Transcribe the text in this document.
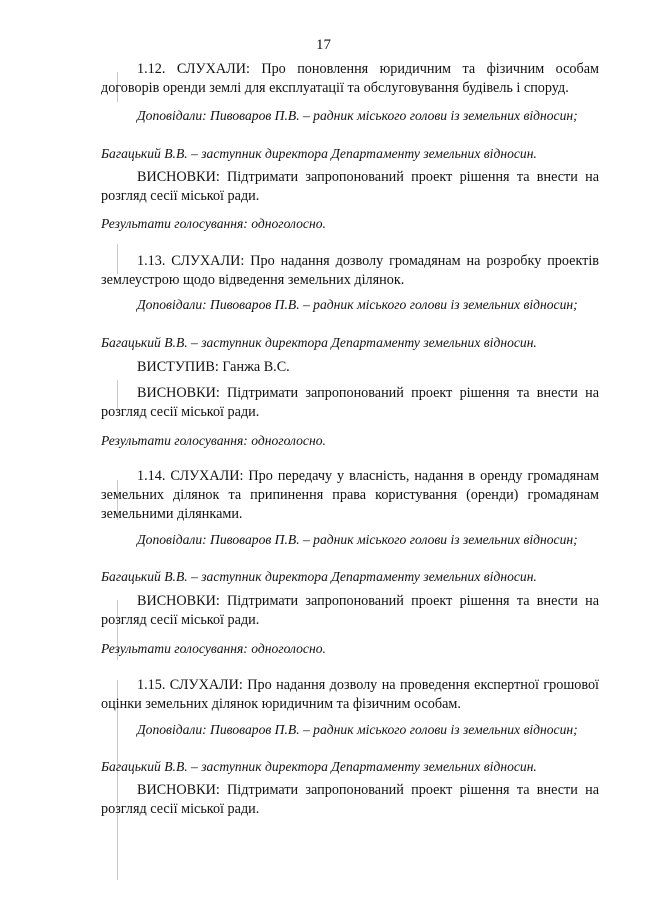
17
1.12. СЛУХАЛИ: Про поновлення юридичним та фізичним особам договорів оренди землі для експлуатації та обслуговування будівель і споруд.
Доповідали: Пивоваров П.В. – радник міського голови із земельних відносин;
Багацький В.В. – заступник директора Департаменту земельних відносин.
ВИСНОВКИ: Підтримати запропонований проект рішення та внести на розгляд сесії міської ради.
Результати голосування: одноголосно.
1.13. СЛУХАЛИ: Про надання дозволу громадянам на розробку проектів землеустрою щодо відведення земельних ділянок.
Доповідали: Пивоваров П.В. – радник міського голови із земельних відносин;
Багацький В.В. – заступник директора Департаменту земельних відносин.
ВИСТУПИВ: Ганжа В.С.
ВИСНОВКИ: Підтримати запропонований проект рішення та внести на розгляд сесії міської ради.
Результати голосування: одноголосно.
1.14. СЛУХАЛИ: Про передачу у власність, надання в оренду громадянам земельних ділянок та припинення права користування (оренди) громадянам земельними ділянками.
Доповідали: Пивоваров П.В. – радник міського голови із земельних відносин;
Багацький В.В. – заступник директора Департаменту земельних відносин.
ВИСНОВКИ: Підтримати запропонований проект рішення та внести на розгляд сесії міської ради.
Результати голосування: одноголосно.
1.15. СЛУХАЛИ: Про надання дозволу на проведення експертної грошової оцінки земельних ділянок юридичним та фізичним особам.
Доповідали: Пивоваров П.В. – радник міського голови із земельних відносин;
Багацький В.В. – заступник директора Департаменту земельних відносин.
ВИСНОВКИ: Підтримати запропонований проект рішення та внести на розгляд сесії міської ради.
